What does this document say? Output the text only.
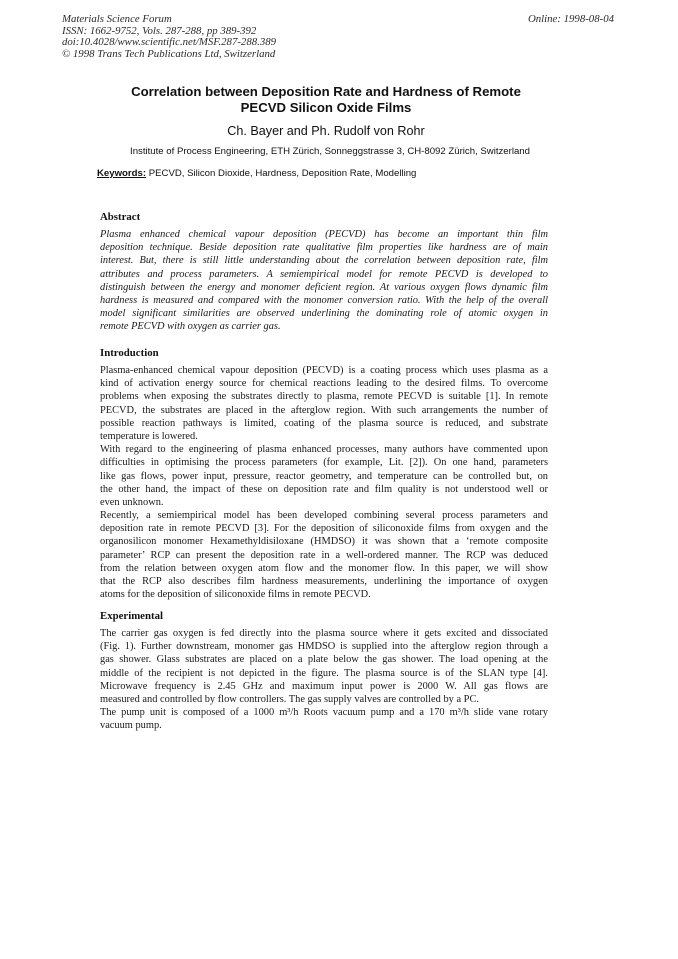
Materials Science Forum
ISSN: 1662-9752, Vols. 287-288, pp 389-392
doi:10.4028/www.scientific.net/MSF.287-288.389
© 1998 Trans Tech Publications Ltd, Switzerland
Online: 1998-08-04
Correlation between Deposition Rate and Hardness of Remote
PECVD Silicon Oxide Films
Ch. Bayer and Ph. Rudolf von Rohr
Institute of Process Engineering, ETH Zürich, Sonneggstrasse 3, CH-8092 Zürich, Switzerland
Keywords: PECVD, Silicon Dioxide, Hardness, Deposition Rate, Modelling
Abstract
Plasma enhanced chemical vapour deposition (PECVD) has become an important thin film
deposition technique. Beside deposition rate qualitative film properties like hardness are of main
interest. But, there is still little understanding about the correlation between deposition rate, film
attributes and process parameters. A semiempirical model for remote PECVD is developed to
distinguish between the energy and monomer deficient region. At various oxygen flows dynamic film
hardness is measured and compared with the monomer conversion ratio. With the help of the overall
model significant similarities are observed underlining the dominating role of atomic oxygen in
remote PECVD with oxygen as carrier gas.
Introduction
Plasma-enhanced chemical vapour deposition (PECVD) is a coating process which uses plasma as a
kind of activation energy source for chemical reactions leading to the desired films. To overcome
problems when exposing the substrates directly to plasma, remote PECVD is suitable [1]. In remote
PECVD, the substrates are placed in the afterglow region. With such arrangements the number of
possible reaction pathways is limited, coating of the plasma source is reduced, and substrate
temperature is lowered.
With regard to the engineering of plasma enhanced processes, many authors have commented upon
difficulties in optimising the process parameters (for example, Lit. [2]). On one hand, parameters
like gas flows, power input, pressure, reactor geometry, and temperature can be controlled but, on
the other hand, the impact of these on deposition rate and film quality is not understood well or
even unknown.
Recently, a semiempirical model has been developed combining several process parameters and
deposition rate in remote PECVD [3]. For the deposition of siliconoxide films from oxygen and the
organosilicon monomer Hexamethyldisiloxane (HMDSO) it was shown that a ‘remote composite
parameter’ RCP can present the deposition rate in a well-ordered manner. The RCP was deduced
from the relation between oxygen atom flow and the monomer flow. In this paper, we will show
that the RCP also describes film hardness measurements, underlining the importance of oxygen
atoms for the deposition of siliconoxide films in remote PECVD.
Experimental
The carrier gas oxygen is fed directly into the plasma source where it gets excited and dissociated
(Fig. 1). Further downstream, monomer gas HMDSO is supplied into the afterglow region through a
gas shower. Glass substrates are placed on a plate below the gas shower. The load opening at the
middle of the recipient is not depicted in the figure. The plasma source is of the SLAN type [4].
Microwave frequency is 2.45 GHz and maximum input power is 2000 W. All gas flows are
measured and controlled by flow controllers. The gas supply valves are controlled by a PC.
The pump unit is composed of a 1000 m³/h Roots vacuum pump and a 170 m³/h slide vane rotary
vacuum pump.
